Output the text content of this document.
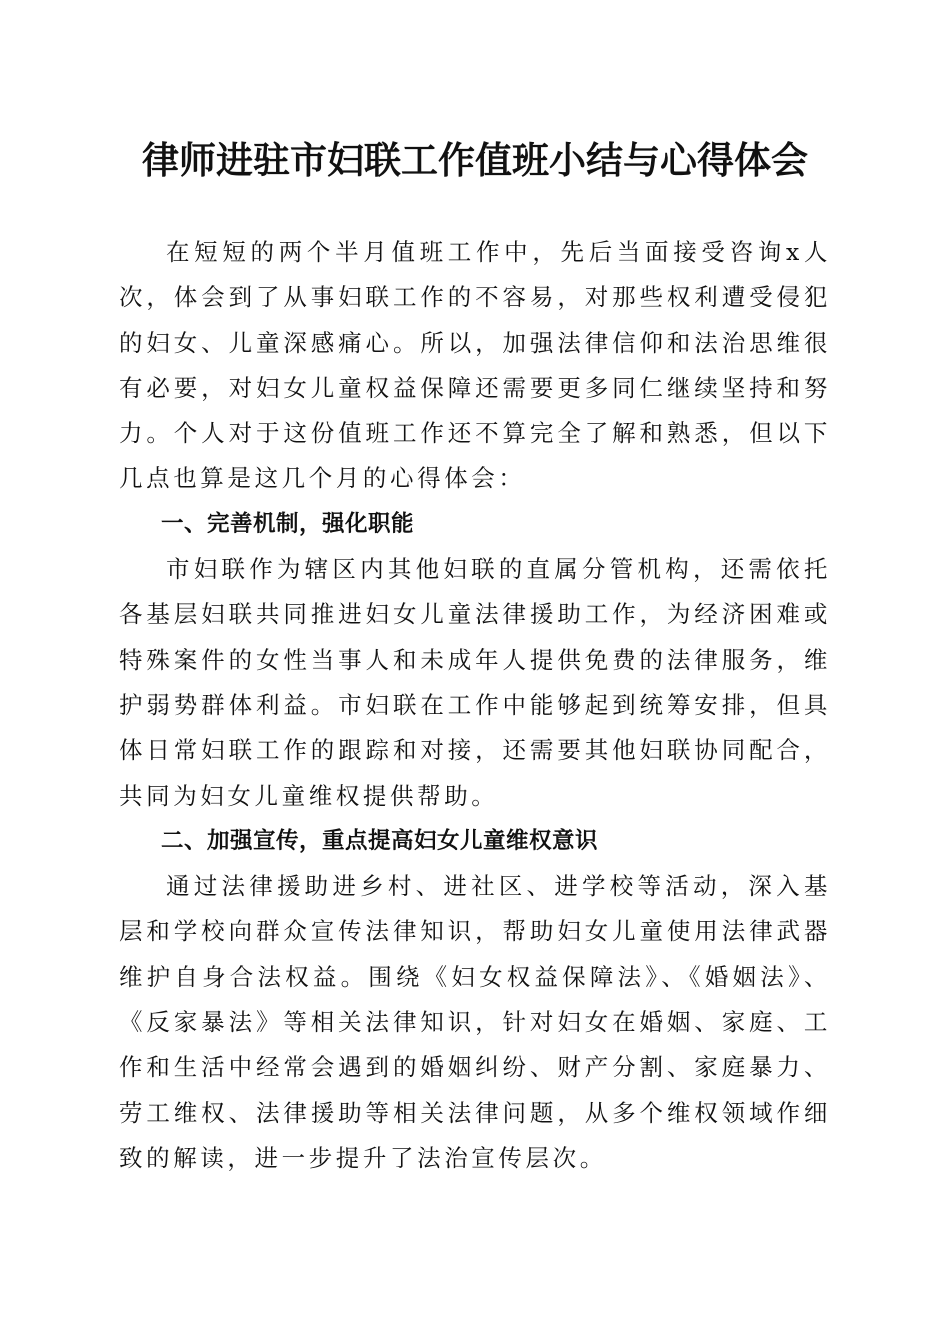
律师进驻市妇联工作值班小结与心得体会

在短短的两个半月值班工作中，先后当面接受咨询x人次，体会到了从事妇联工作的不容易，对那些权利遭受侵犯的妇女、儿童深感痛心。所以，加强法律信仰和法治思维很有必要，对妇女儿童权益保障还需要更多同仁继续坚持和努力。个人对于这份值班工作还不算完全了解和熟悉，但以下几点也算是这几个月的心得体会：

一、完善机制，强化职能

市妇联作为辖区内其他妇联的直属分管机构，还需依托各基层妇联共同推进妇女儿童法律援助工作，为经济困难或特殊案件的女性当事人和未成年人提供免费的法律服务，维护弱势群体利益。市妇联在工作中能够起到统筹安排，但具体日常妇联工作的跟踪和对接，还需要其他妇联协同配合，共同为妇女儿童维权提供帮助。

二、加强宣传，重点提高妇女儿童维权意识

通过法律援助进乡村、进社区、进学校等活动，深入基层和学校向群众宣传法律知识，帮助妇女儿童使用法律武器维护自身合法权益。围绕《妇女权益保障法》、《婚姻法》、《反家暴法》等相关法律知识，针对妇女在婚姻、家庭、工作和生活中经常会遇到的婚姻纠纷、财产分割、家庭暴力、劳工维权、法律援助等相关法律问题，从多个维权领域作细致的解读，进一步提升了法治宣传层次。
